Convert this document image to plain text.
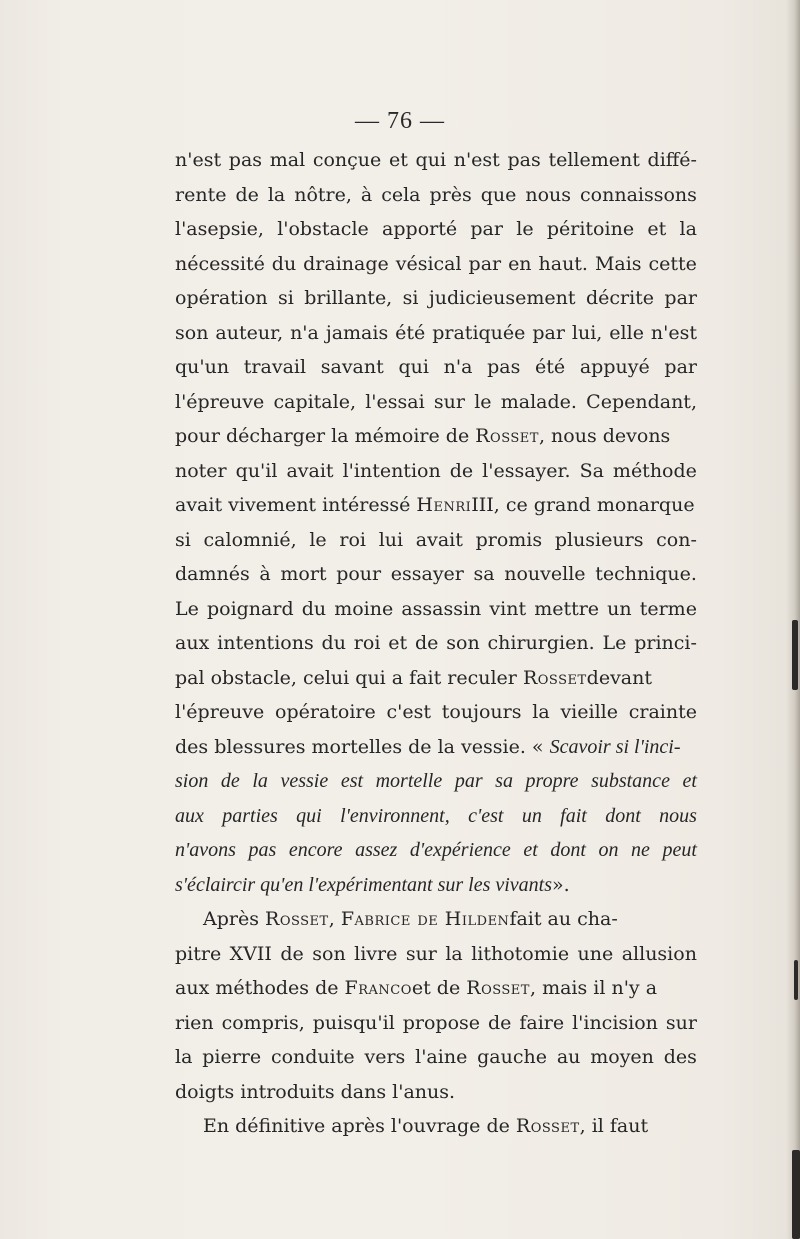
— 76 —
n'est pas mal conçue et qui n'est pas tellement diffé-
rente de la nôtre, à cela près que nous connaissons
l'asepsie, l'obstacle apporté par le péritoine et la
nécessité du drainage vésical par en haut. Mais cette
opération si brillante, si judicieusement décrite par
son auteur, n'a jamais été pratiquée par lui, elle n'est
qu'un travail savant qui n'a pas été appuyé par
l'épreuve capitale, l'essai sur le malade. Cependant,
pour décharger la mémoire de Rosset, nous devons
noter qu'il avait l'intention de l'essayer. Sa méthode
avait vivement intéressé
Henri III, ce grand monarque
si calomnié, le roi lui avait promis plusieurs con-
damnés à mort pour essayer sa nouvelle technique.
Le poignard du moine assassin vint mettre un terme
aux intentions du roi et de son chirurgien. Le princi-
pal obstacle, celui qui a fait reculer
Rosset devant
l'épreuve opératoire c'est toujours la vieille crainte
des blessures mortelles de la vessie. «
Scavoir si l'inci-
sion de la vessie est mortelle par sa propre substance et
aux parties qui l'environnent, c'est un fait dont nous
n'avons pas encore assez d'expérience et dont on ne peut
s'éclaircir qu'en l'expérimentant sur les vivants ».
Après
Rosset ,
Fabrice de Hilden fait au cha-
pitre XVII de son livre sur la lithotomie une allusion
aux méthodes de
Franco et de
Rosset , mais il n'y a
rien compris, puisqu'il propose de faire l'incision sur
la pierre conduite vers l'aine gauche au moyen des
doigts introduits dans l'anus.
En définitive après l'ouvrage de
Rosset , il faut
